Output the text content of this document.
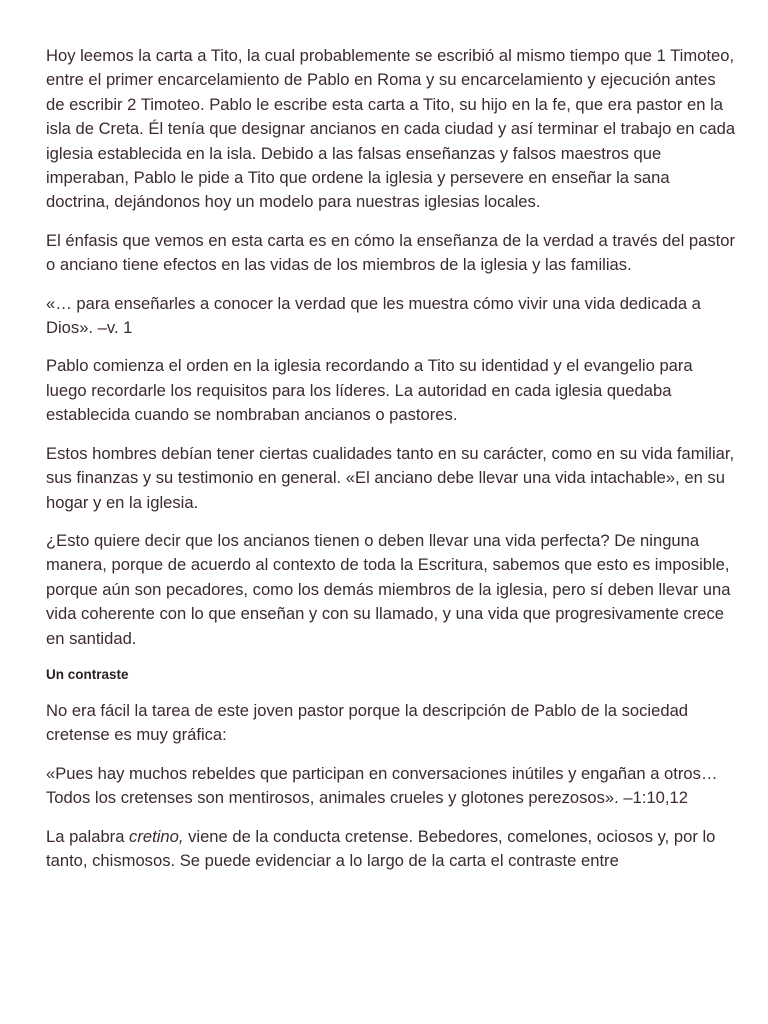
Hoy leemos la carta a Tito, la cual probablemente se escribió al mismo tiempo que 1 Timoteo, entre el primer encarcelamiento de Pablo en Roma y su encarcelamiento y ejecución antes de escribir 2 Timoteo. Pablo le escribe esta carta a Tito, su hijo en la fe, que era pastor en la isla de Creta. Él tenía que designar ancianos en cada ciudad y así terminar el trabajo en cada iglesia establecida en la isla. Debido a las falsas enseñanzas y falsos maestros que imperaban, Pablo le pide a Tito que ordene la iglesia y persevere en enseñar la sana doctrina, dejándonos hoy un modelo para nuestras iglesias locales.

El énfasis que vemos en esta carta es en cómo la enseñanza de la verdad a través del pastor o anciano tiene efectos en las vidas de los miembros de la iglesia y las familias.

«… para enseñarles a conocer la verdad que les muestra cómo vivir una vida dedicada a Dios». –v. 1

Pablo comienza el orden en la iglesia recordando a Tito su identidad y el evangelio para luego recordarle los requisitos para los líderes. La autoridad en cada iglesia quedaba establecida cuando se nombraban ancianos o pastores.

Estos hombres debían tener ciertas cualidades tanto en su carácter, como en su vida familiar, sus finanzas y su testimonio en general. «El anciano debe llevar una vida intachable», en su hogar y en la iglesia.

¿Esto quiere decir que los ancianos tienen o deben llevar una vida perfecta? De ninguna manera, porque de acuerdo al contexto de toda la Escritura, sabemos que esto es imposible, porque aún son pecadores, como los demás miembros de la iglesia, pero sí deben llevar una vida coherente con lo que enseñan y con su llamado, y una vida que progresivamente crece en santidad.

Un contraste

No era fácil la tarea de este joven pastor porque la descripción de Pablo de la sociedad cretense es muy gráfica:

«Pues hay muchos rebeldes que participan en conversaciones inútiles y engañan a otros… Todos los cretenses son mentirosos, animales crueles y glotones perezosos». –1:10,12

La palabra cretino, viene de la conducta cretense. Bebedores, comelones, ociosos y, por lo tanto, chismosos. Se puede evidenciar a lo largo de la carta el contraste entre
